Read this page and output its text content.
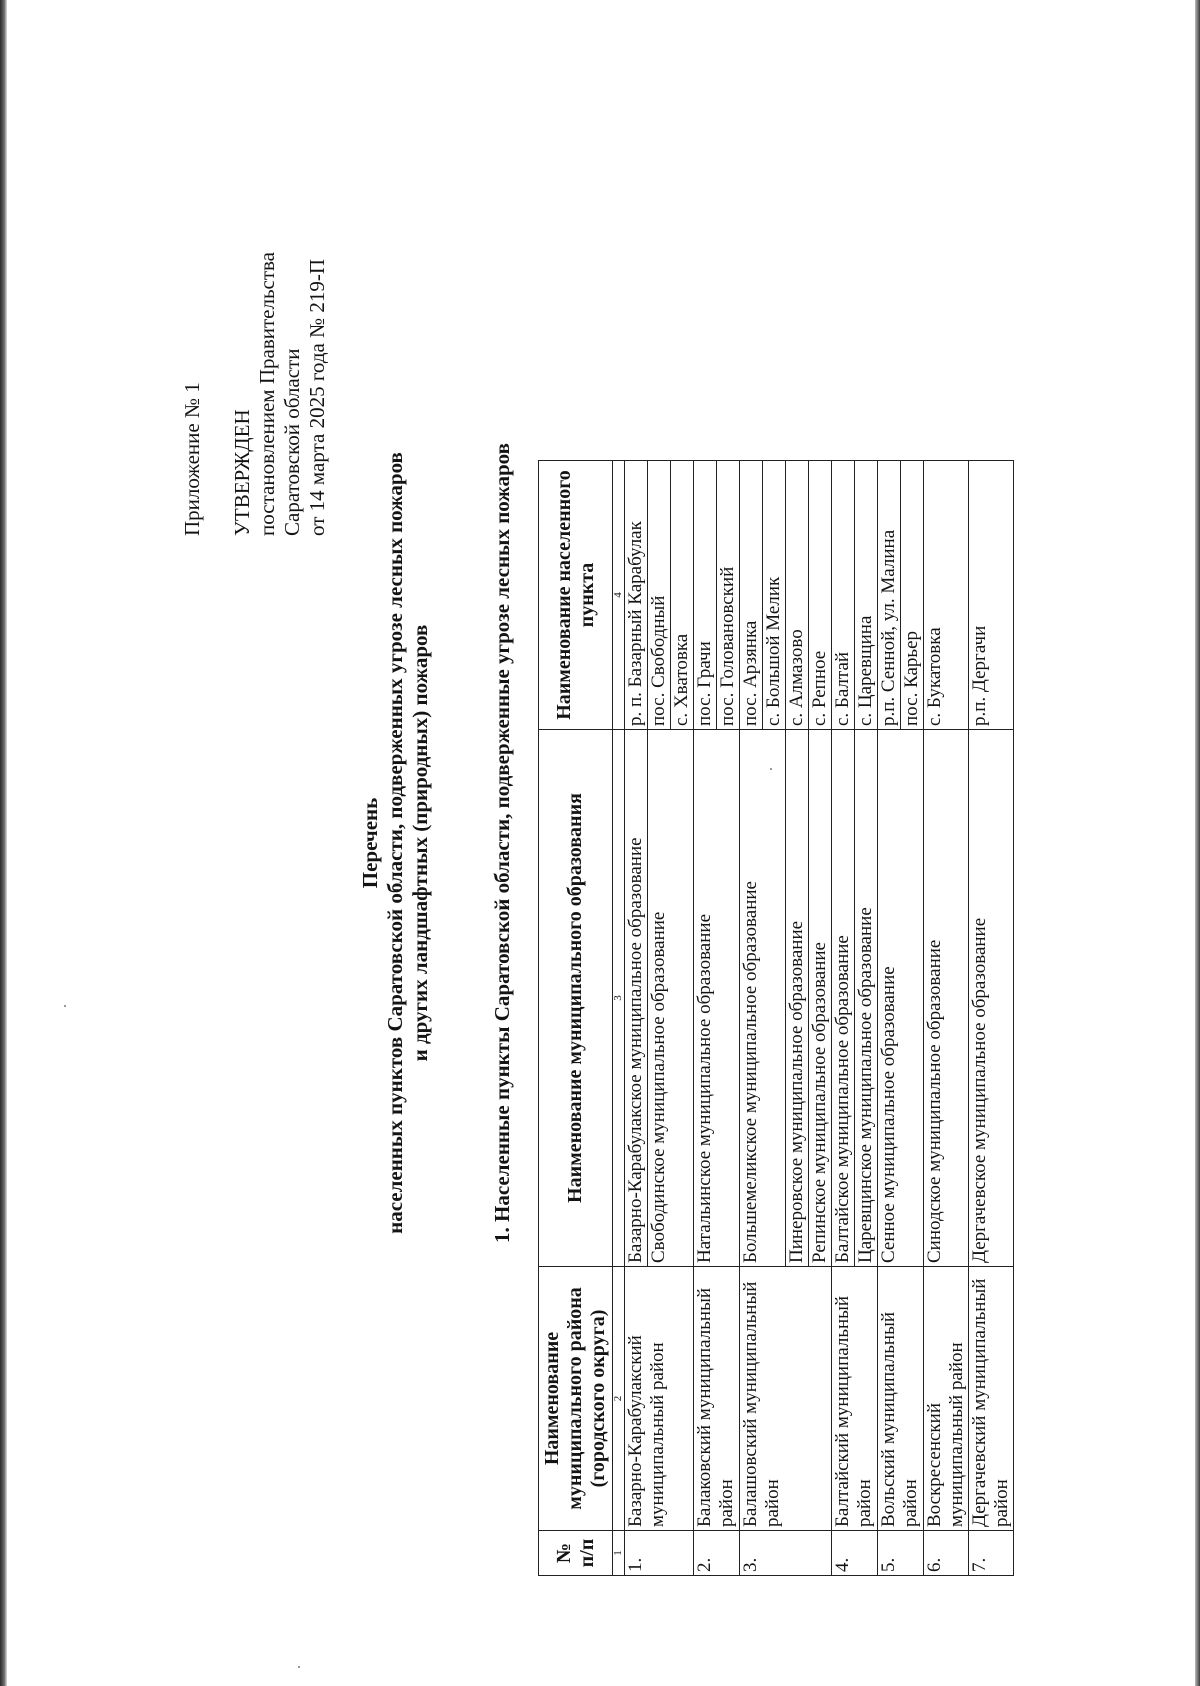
Приложение № 1 УТВЕРЖДЕН постановлением Правительства Саратовской области от 14 марта 2025 года № 219-П
Перечень населенных пунктов Саратовской области, подверженных угрозе лесных пожаров и других ландшафтных (природных) пожаров	1. Населенные пункты Саратовской области, подверженные угрозе лесных пожаров
№ п/п	Наименование муниципального района (городского округа)	Наименование муниципального образования	Наименование населенного пункта
1	2	3	4
1.	Базарно-Карабулакский муниципальный район	Базарно-Карабулакское муниципальное образование	р. п. Базарный Карабулак
		Свободинское муниципальное образование	пос. Свободный
			с. Хватовка
2.	Балаковский муниципальный район	Натальинское муниципальное образование	пос. Грачи
			пос. Головановский
3.	Балашовский муниципальный район	Большемеликское муниципальное образование	пос. Арзянка
			с. Большой Мелик
		Пинеровское муниципальное образование	с. Алмазово
		Репинское муниципальное образование	с. Репное
4.	Балтайский муниципальный район	Балтайское муниципальное образование	с. Балтай
		Царевщинское муниципальное образование	с. Царевщина
5.	Вольский муниципальный район	Сенное муниципальное образование	р.п. Сенной, ул. Малина
			пос. Карьер
6.	Воскресенский муниципальный район	Синодское муниципальное образование	с. Букатовка
7.	Дергачевский муниципальный район	Дергачевское муниципальное образование	р.п. Дергачи
